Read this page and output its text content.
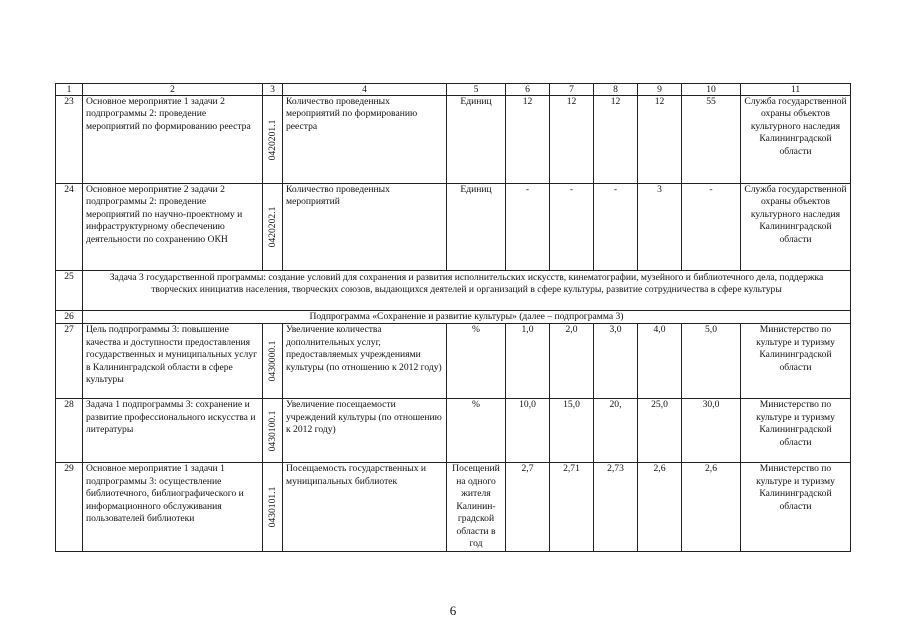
1	2	3	4	5	6	7	8	9	10	11
23	Основное мероприятие 1 задачи 2 подпрограммы 2: проведение мероприятий по формированию реестра	0420201.1	Количество проведенных мероприятий по формированию реестра	Единиц	12	12	12	12	55	Служба государственной охраны объектов культурного наследия Калининградской области
24	Основное мероприятие 2 задачи 2 подпрограммы 2: проведение мероприятий по научно-проектному и инфраструктурному обеспечению деятельности по сохранению ОКН	0420202.1	Количество проведенных мероприятий	Единиц	-	-	-	3	-	Служба государственной охраны объектов культурного наследия Калининградской области
25	Задача 3 государственной программы: создание условий для сохранения и развития исполнительских искусств, кинематографии, музейного и библиотечного дела, поддержка творческих инициатив населения, творческих союзов, выдающихся деятелей и организаций в сфере культуры, развитие сотрудничества в сфере культуры									
26	Подпрограмма «Сохранение и развитие культуры» (далее – подпрограмма 3)									
27	Цель подпрограммы 3: повышение качества и доступности предоставления государственных и муниципальных услуг в Калининградской области в сфере культуры	0430000.1	Увеличение количества дополнительных услуг, предоставляемых учреждениями культуры (по отношению к 2012 году)	%	1,0	2,0	3,0	4,0	5,0	Министерство по культуре и туризму Калининградской области
28	Задача 1 подпрограммы 3: сохранение и развитие профессионального искусства и литературы	0430100.1	Увеличение посещаемости учреждений культуры (по отношению к 2012 году)	%	10,0	15,0	20,	25,0	30,0	Министерство по культуре и туризму Калининградской области
29	Основное мероприятие 1 задачи 1 подпрограммы 3: осуществление библиотечного, библиографического и информационного обслуживания пользователей библиотеки	0430101.1	Посещаемость государственных и муниципальных библиотек	Посещений на одного жителя Калинин-градской области в год	2,7	2,71	2,73	2,6	2,6	Министерство по культуре и туризму Калининградской области
6
